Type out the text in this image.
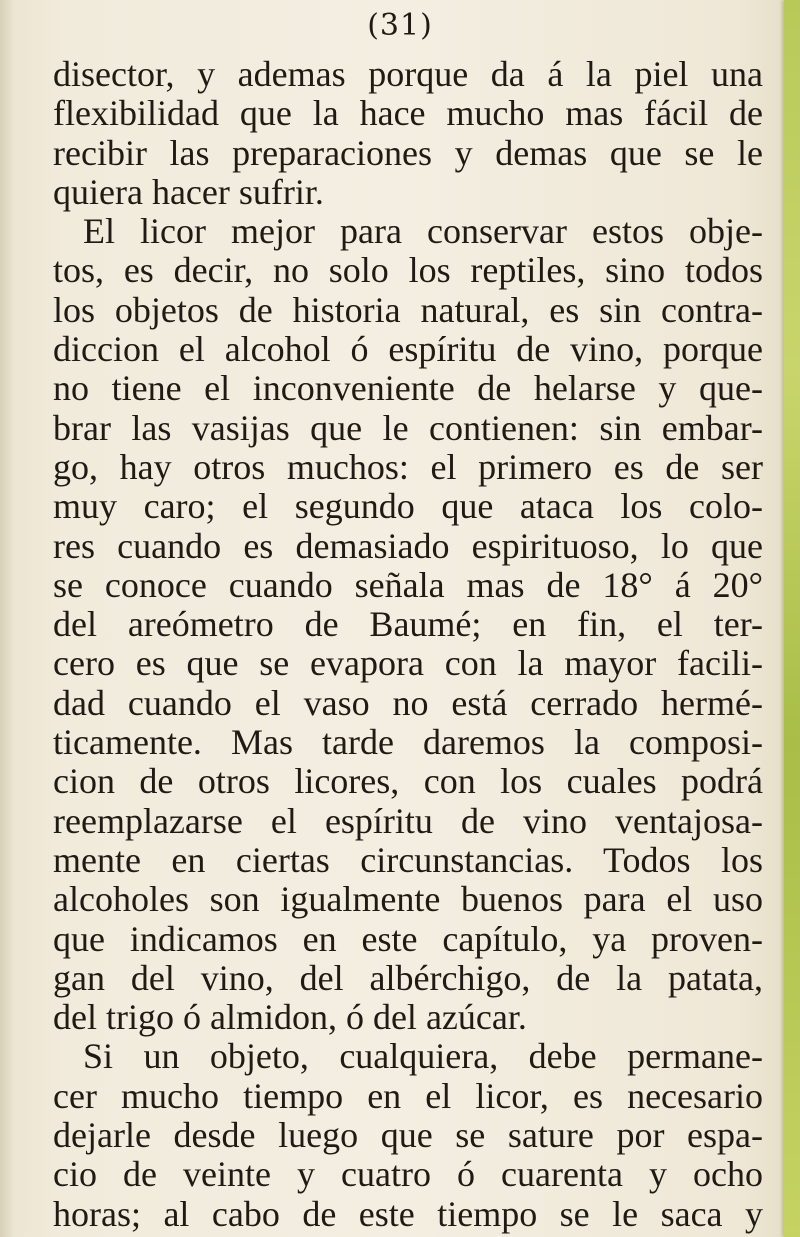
(31)
disector, y ademas porque da á la piel una
flexibilidad que la hace mucho mas fácil de
recibir las preparaciones y demas que se le
quiera hacer sufrir.
El licor mejor para conservar estos obje-
tos, es decir, no solo los reptiles, sino todos
los objetos de historia natural, es sin contra-
diccion el alcohol ó espíritu de vino, porque
no tiene el inconveniente de helarse y que-
brar las vasijas que le contienen: sin embar-
go, hay otros muchos: el primero es de ser
muy caro; el segundo que ataca los colo-
res cuando es demasiado espirituoso, lo que
se conoce cuando señala mas de 18° á 20°
del areómetro de Baumé; en fin, el ter-
cero es que se evapora con la mayor facili-
dad cuando el vaso no está cerrado hermé-
ticamente. Mas tarde daremos la composi-
cion de otros licores, con los cuales podrá
reemplazarse el espíritu de vino ventajosa-
mente en ciertas circunstancias. Todos los
alcoholes son igualmente buenos para el uso
que indicamos en este capítulo, ya proven-
gan del vino, del albérchigo, de la patata,
del trigo ó almidon, ó del azúcar.
Si un objeto, cualquiera, debe permane-
cer mucho tiempo en el licor, es necesario
dejarle desde luego que se sature por espa-
cio de veinte y cuatro ó cuarenta y ocho
horas; al cabo de este tiempo se le saca y
